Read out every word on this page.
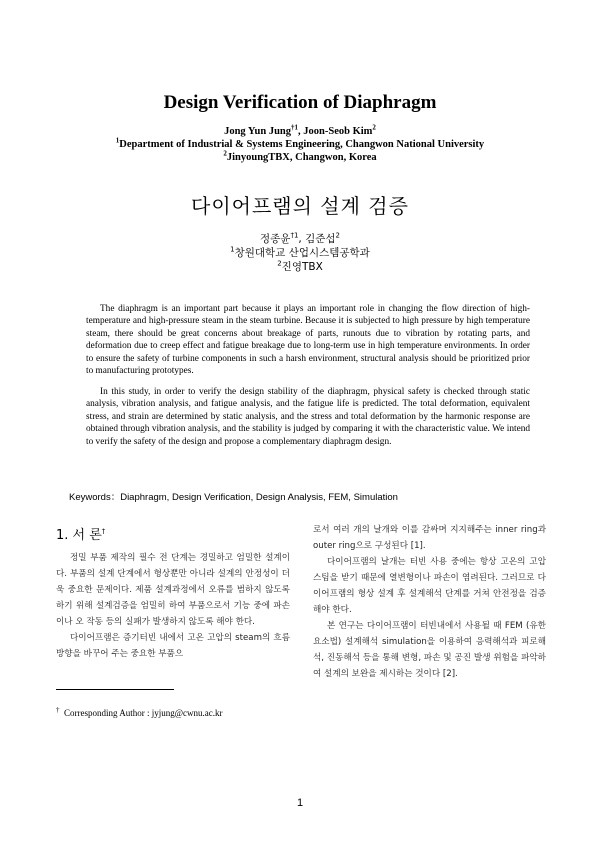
Design Verification of Diaphragm
Jong Yun Jung$^{\dagger 1}$, Joon-Seob Kim$^2$
$^1$Department of Industrial & Systems Engineering, Changwon National University
$^2$JinyoungTBX, Changwon, Korea
다이어프램의 설계 검증
정종윤$^{\dagger 1}$, 김준섭$^2$
$^1$창원대학교 산업시스템공학과
$^2$진영TBX
The diaphragm is an important part because it plays an important role in changing the flow direction of high-temperature and high-pressure steam in the steam turbine. Because it is subjected to high pressure by high temperature steam, there should be great concerns about breakage of parts, runouts due to vibration by rotating parts, and deformation due to creep effect and fatigue breakage due to long-term use in high temperature environments. In order to ensure the safety of turbine components in such a harsh environment, structural analysis should be prioritized prior to manufacturing prototypes.
In this study, in order to verify the design stability of the diaphragm, physical safety is checked through static analysis, vibration analysis, and fatigue analysis, and the fatigue life is predicted. The total deformation, equivalent stress, and strain are determined by static analysis, and the stress and total deformation by the harmonic response are obtained through vibration analysis, and the stability is judged by comparing it with the characteristic value. We intend to verify the safety of the design and propose a complementary diaphragm design.
Keywords：Diaphragm, Design Verification, Design Analysis, FEM, Simulation
1. 서 론†

정밀 부품 제작의 필수 전 단계는 경밀하고 엄밀한 설계이다. 부품의 설계 단계에서 형상뿐만 아니라 설계의 안정성이 더욱 중요한 문제이다. 제품 설계과정에서 오류를 범하지 않도록 하기 위해 설계검증을 엄밀히 하여 부품으로서 기능 중에 파손이나 오 작동 등의 실패가 발생하지 않도록 해야 한다.

다이어프램은 증기터빈 내에서 고온 고압의 steam의 흐름 방향을 바꾸어 주는 중요한 부품으

로서 여러 개의 날개와 이를 감싸며 지지해주는 inner ring과 outer ring으로 구성된다 [1].

다이어프램의 날개는 터빈 사용 중에는 항상 고온의 고압 스팀을 받기 때문에 열변형이나 파손이 염려된다. 그러므로 다이어프램의 형상 설계 후 설계해석 단계를 거쳐 안전정을 검증해야 한다.

본 연구는 다이어프램이 터빈내에서 사용될 때 FEM (유한요소법) 설계해석 simulation을 이용하여 응력해석과 피로해석, 진동해석 등을 통해 변형, 파손 및 공진 발생 위험을 파악하여 설계의 보완을 제시하는 것이다 [2].

† Corresponding Author : jyjung@cwnu.ac.kr
1
